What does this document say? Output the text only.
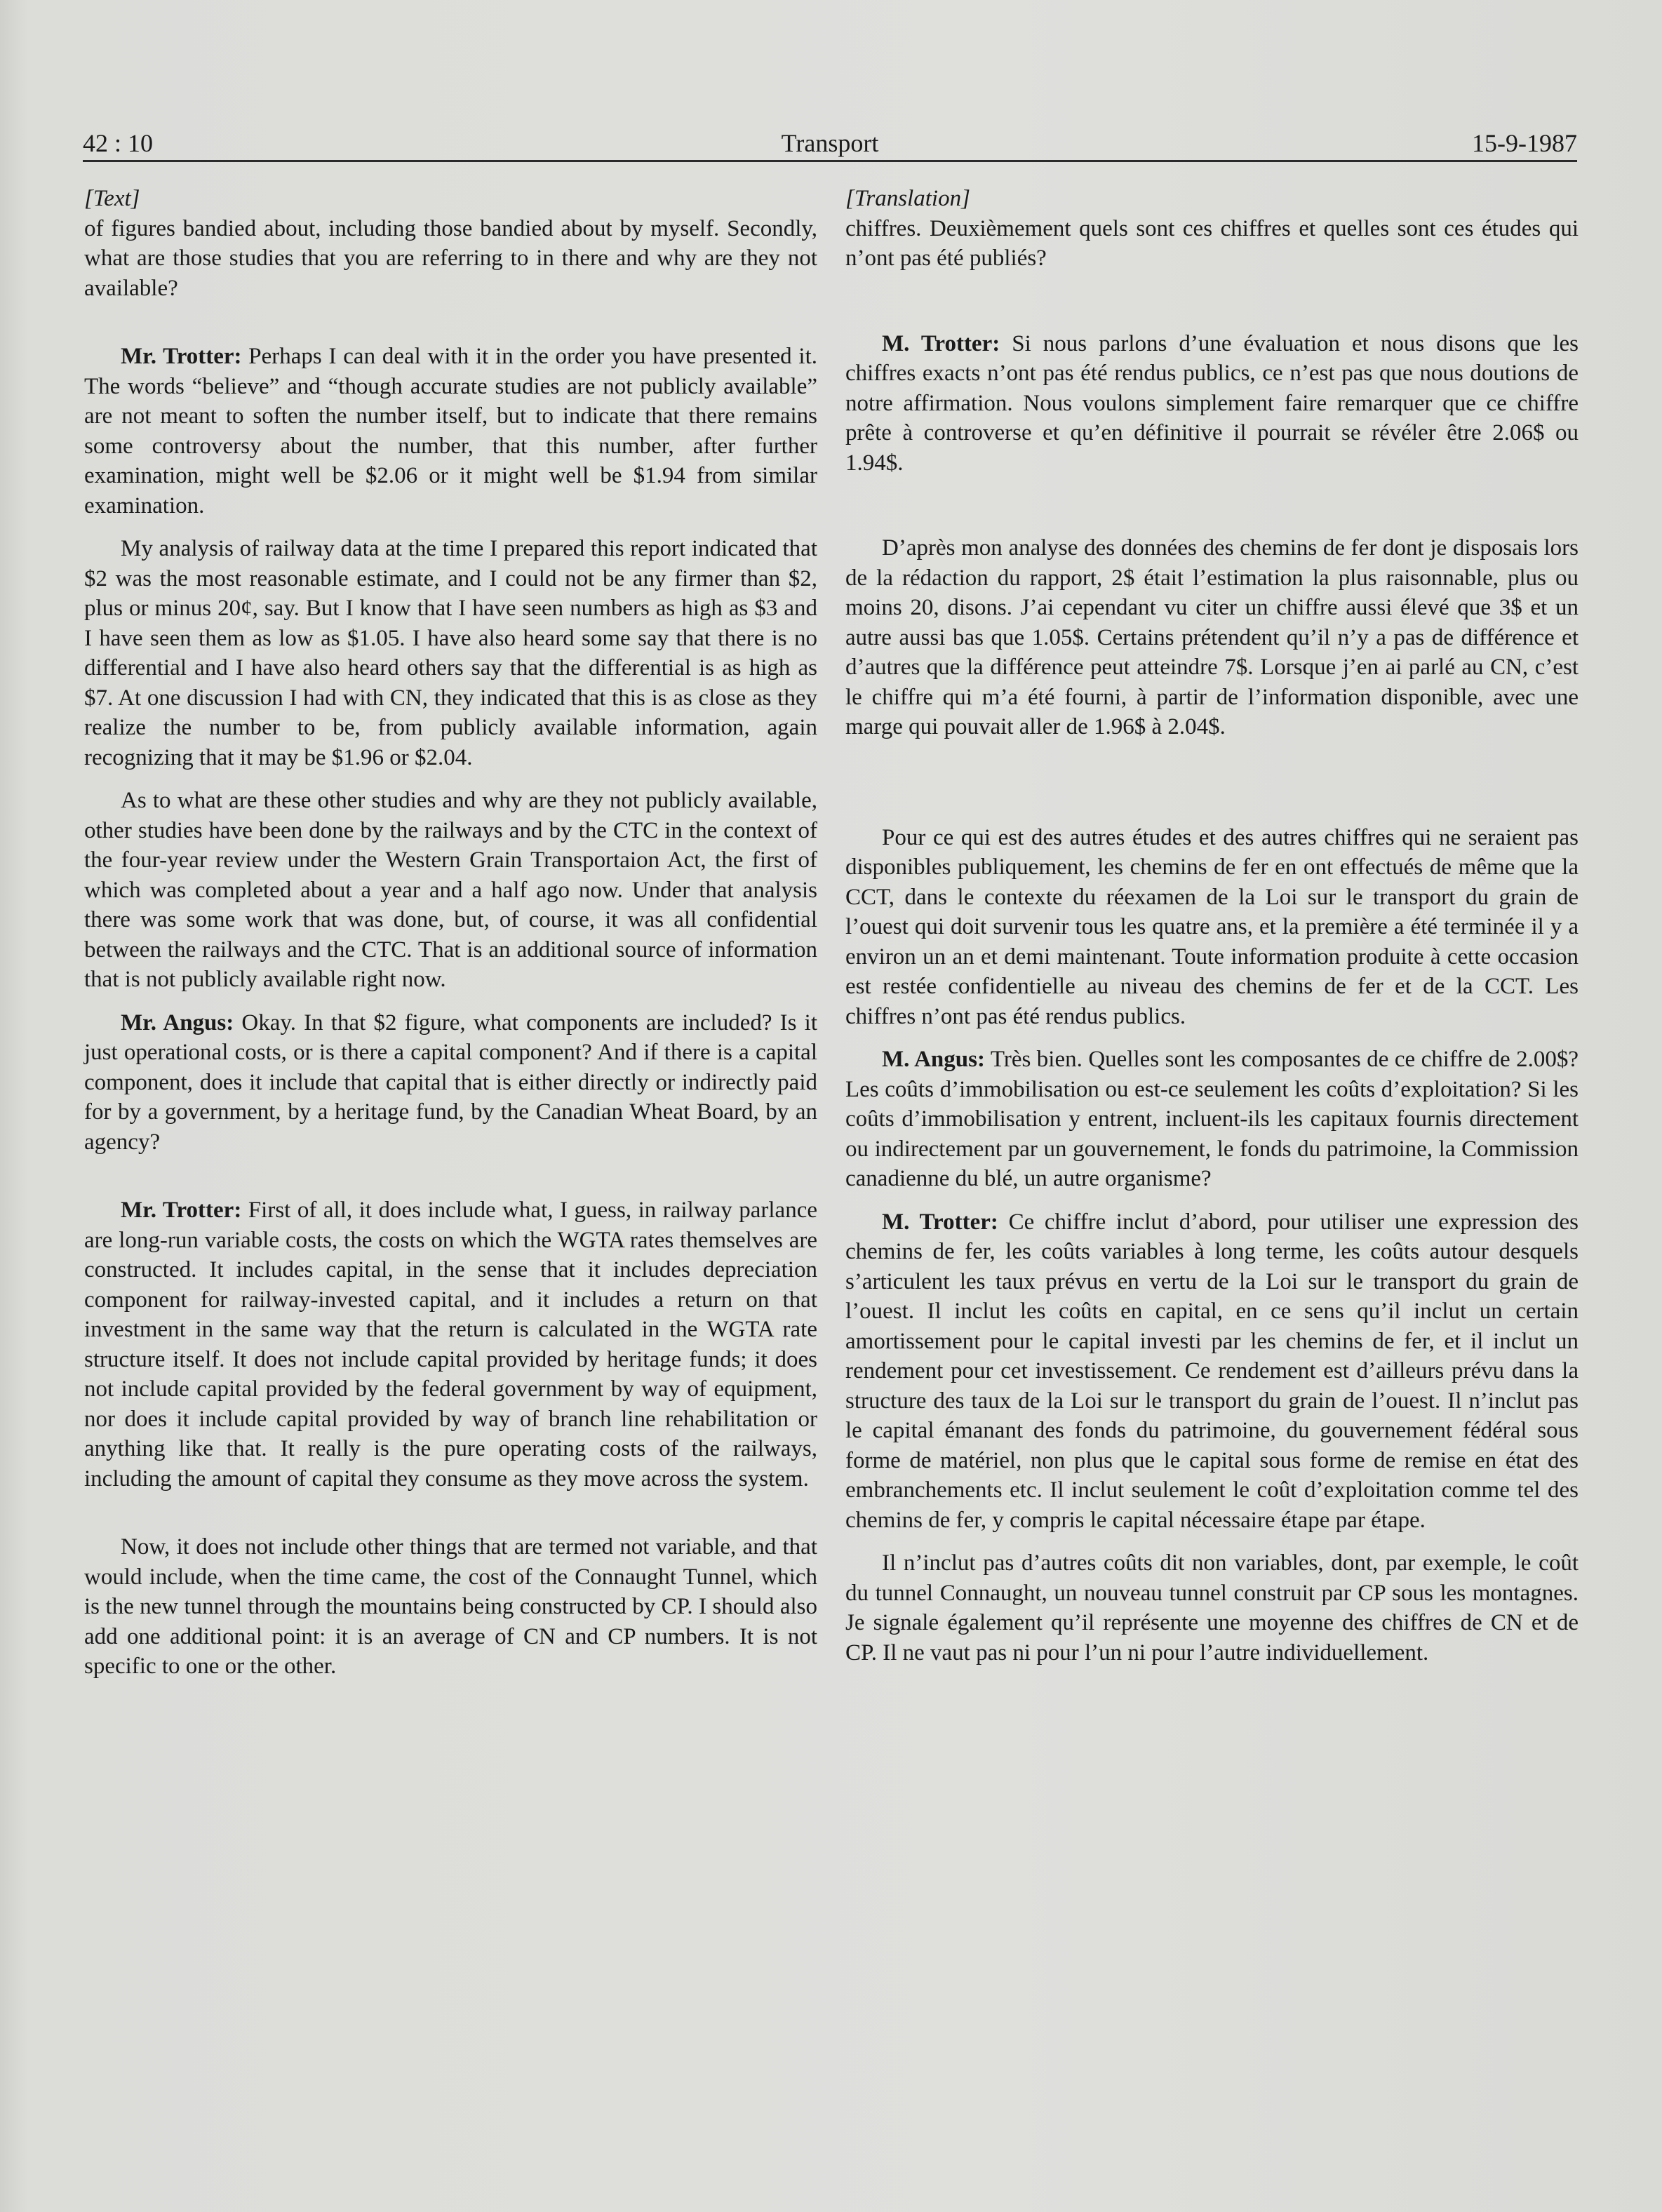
42 : 10	Transport	15-9-1987
[Text]

of figures bandied about, including those bandied about by myself. Secondly, what are those studies that you are referring to in there and why are they not available?

Mr. Trotter: Perhaps I can deal with it in the order you have presented it. The words “believe” and “though accurate studies are not publicly available” are not meant to soften the number itself, but to indicate that there remains some controversy about the number, that this number, after further examination, might well be $2.06 or it might well be $1.94 from similar examination.

My analysis of railway data at the time I prepared this report indicated that $2 was the most reasonable estimate, and I could not be any firmer than $2, plus or minus 20¢, say. But I know that I have seen numbers as high as $3 and I have seen them as low as $1.05. I have also heard some say that there is no differential and I have also heard others say that the differential is as high as $7. At one discussion I had with CN, they indicated that this is as close as they realize the number to be, from publicly available information, again recognizing that it may be $1.96 or $2.04.

As to what are these other studies and why are they not publicly available, other studies have been done by the railways and by the CTC in the context of the four-year review under the Western Grain Transportaion Act, the first of which was completed about a year and a half ago now. Under that analysis there was some work that was done, but, of course, it was all confidential between the railways and the CTC. That is an additional source of information that is not publicly available right now.

Mr. Angus: Okay. In that $2 figure, what components are included? Is it just operational costs, or is there a capital component? And if there is a capital component, does it include that capital that is either directly or indirectly paid for by a government, by a heritage fund, by the Canadian Wheat Board, by an agency?

Mr. Trotter: First of all, it does include what, I guess, in railway parlance are long-run variable costs, the costs on which the WGTA rates themselves are constructed. It includes capital, in the sense that it includes depreciation component for railway-invested capital, and it includes a return on that investment in the same way that the return is calculated in the WGTA rate structure itself. It does not include capital provided by heritage funds; it does not include capital provided by the federal government by way of equipment, nor does it include capital provided by way of branch line rehabilitation or anything like that. It really is the pure operating costs of the railways, including the amount of capital they consume as they move across the system.

Now, it does not include other things that are termed not variable, and that would include, when the time came, the cost of the Connaught Tunnel, which is the new tunnel through the mountains being constructed by CP. I should also add one additional point: it is an average of CN and CP numbers. It is not specific to one or the other.

[Translation]

chiffres. Deuxièmement quels sont ces chiffres et quelles sont ces études qui n’ont pas été publiés?

M. Trotter: Si nous parlons d’une évaluation et nous disons que les chiffres exacts n’ont pas été rendus publics, ce n’est pas que nous doutions de notre affirmation. Nous voulons simplement faire remarquer que ce chiffre prête à controverse et qu’en définitive il pourrait se révéler être 2.06$ ou 1.94$.

D’après mon analyse des données des chemins de fer dont je disposais lors de la rédaction du rapport, 2$ était l’estimation la plus raisonnable, plus ou moins 20, disons. J’ai cependant vu citer un chiffre aussi élevé que 3$ et un autre aussi bas que 1.05$. Certains prétendent qu’il n’y a pas de différence et d’autres que la différence peut atteindre 7$. Lorsque j’en ai parlé au CN, c’est le chiffre qui m’a été fourni, à partir de l’information disponible, avec une marge qui pouvait aller de 1.96$ à 2.04$.

Pour ce qui est des autres études et des autres chiffres qui ne seraient pas disponibles publiquement, les chemins de fer en ont effectués de même que la CCT, dans le contexte du réexamen de la Loi sur le transport du grain de l’ouest qui doit survenir tous les quatre ans, et la première a été terminée il y a environ un an et demi maintenant. Toute information produite à cette occasion est restée confidentielle au niveau des chemins de fer et de la CCT. Les chiffres n’ont pas été rendus publics.

M. Angus: Très bien. Quelles sont les composantes de ce chiffre de 2.00$? Les coûts d’immobilisation ou est-ce seulement les coûts d’exploitation? Si les coûts d’immobilisation y entrent, incluent-ils les capitaux fournis directement ou indirectement par un gouvernement, le fonds du patrimoine, la Commission canadienne du blé, un autre organisme?

M. Trotter: Ce chiffre inclut d’abord, pour utiliser une expression des chemins de fer, les coûts variables à long terme, les coûts autour desquels s’articulent les taux prévus en vertu de la Loi sur le transport du grain de l’ouest. Il inclut les coûts en capital, en ce sens qu’il inclut un certain amortissement pour le capital investi par les chemins de fer, et il inclut un rendement pour cet investissement. Ce rendement est d’ailleurs prévu dans la structure des taux de la Loi sur le transport du grain de l’ouest. Il n’inclut pas le capital émanant des fonds du patrimoine, du gouvernement fédéral sous forme de matériel, non plus que le capital sous forme de remise en état des embranchements etc. Il inclut seulement le coût d’exploitation comme tel des chemins de fer, y compris le capital nécessaire étape par étape.

Il n’inclut pas d’autres coûts dit non variables, dont, par exemple, le coût du tunnel Connaught, un nouveau tunnel construit par CP sous les montagnes. Je signale également qu’il représente une moyenne des chiffres de CN et de CP. Il ne vaut pas ni pour l’un ni pour l’autre individuellement.
